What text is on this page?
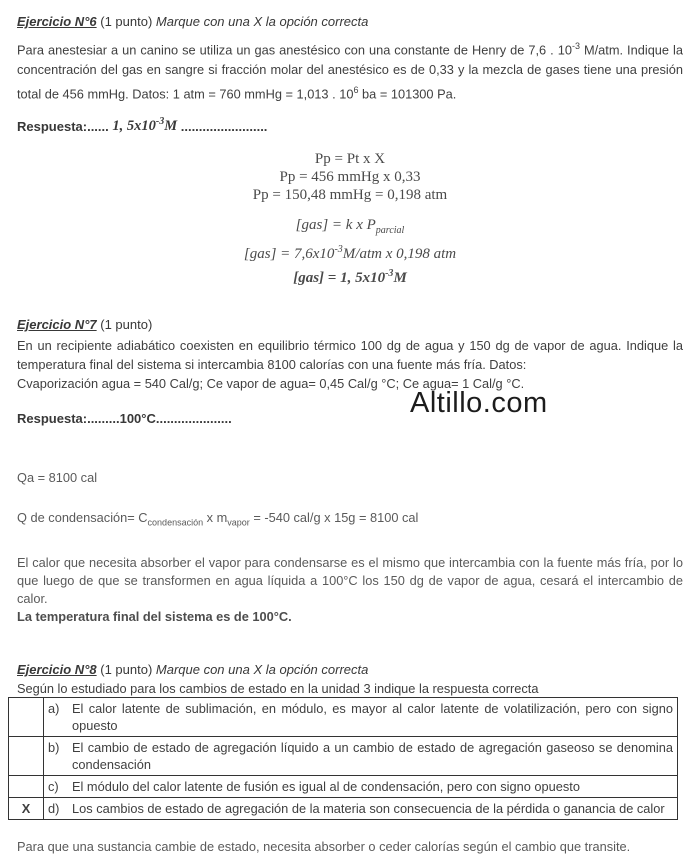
Ejercicio N°6 (1 punto) Marque con una X la opción correcta

Para anestesiar a un canino se utiliza un gas anestésico con una constante de Henry de 7,6 . $10^{-3}$ M/atm. Indique la concentración del gas en sangre si fracción molar del anestésico es de 0,33 y la mezcla de gases tiene una presión total de 456 mmHg. Datos: 1 atm = 760 mmHg = 1,013 . $10^6$ ba = 101300 Pa.

Respuesta:...... 1, $5x10^{-3}M$ ........................

Pp = Pt x X
Pp = 456 mmHg x 0,33
Pp = 150,48 mmHg = 0,198 atm
[gas] = k x $P_{parcial}$
$[gas] = 7,6x10^{-3}M$/atm x 0,198 atm
[gas] = 1, $5x10^{-3}M$
Ejercicio N°7 (1 punto)

En un recipiente adiabático coexisten en equilibrio térmico 100 dg de agua y 150 dg de vapor de agua. Indique la temperatura final del sistema si intercambia 8100 calorías con una fuente más fría. Datos:

Cvaporización agua = 540 Cal/g; Ce vapor de agua= 0,45 Cal/g °C; Ce agua= 1 Cal/g °C.

Respuesta:.........100°C.....................	Altillo.com

Qa = 8100 cal

Q de condensación= $C_{condensación}$ x $m_{vapor} = -540$ cal/g x 15g = 8100 cal

El calor que necesita absorber el vapor para condensarse es el mismo que intercambia con la fuente más fría, por lo que luego de que se transformen en agua líquida a 100°C los 150 dg de vapor de agua, cesará el intercambio de calor.

La temperatura final del sistema es de 100°C.

Ejercicio N°8 (1 punto) Marque con una X la opción correcta

Según lo estudiado para los cambios de estado en la unidad 3 indique la respuesta correcta

	a) El calor latente de sublimación, en módulo, es mayor al calor latente de volatilización, pero con signo opuesto

	b) El cambio de estado de agregación líquido a un cambio de estado de agregación gaseoso se denomina condensación

	c) El módulo del calor latente de fusión es igual al de condensación, pero con signo opuesto

X	d) Los cambios de estado de agregación de la materia son consecuencia de la pérdida o ganancia de calor

Para que una sustancia cambie de estado, necesita absorber o ceder calorías según el cambio que transite.
